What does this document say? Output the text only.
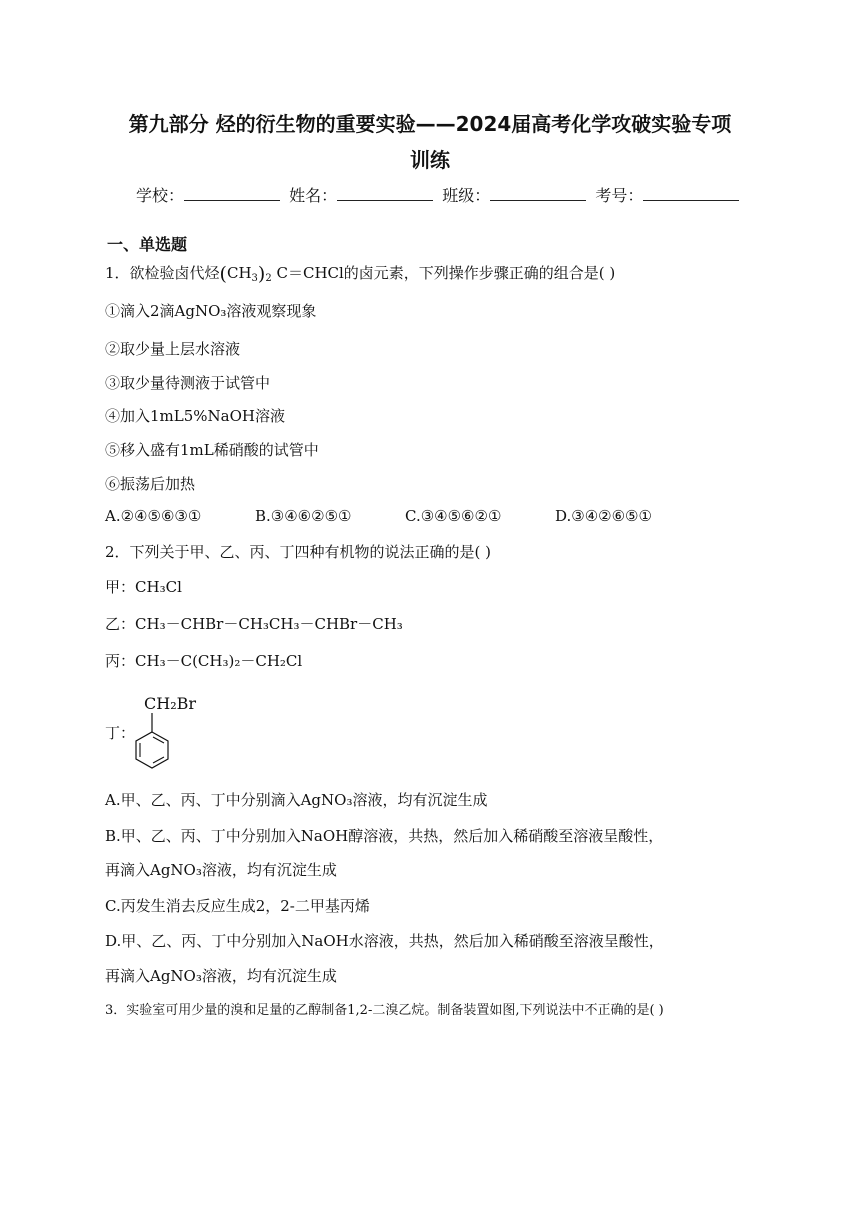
第九部分 烃的衍生物的重要实验——2024届高考化学攻破实验专项
训练
学校：	姓名：	班级：	考号：
一、单选题
1．欲检验卤代烃$(CH_3)_2$ C＝CHCl的卤元素，下列操作步骤正确的组合是( )
①滴入2滴AgNO₃溶液观察现象
②取少量上层水溶液
③取少量待测液于试管中
④加入1mL5%NaOH溶液
⑤移入盛有1mL稀硝酸的试管中
⑥振荡后加热
A.②④⑤⑥③①	B.③④⑥②⑤①	C.③④⑤⑥②①	D.③④②⑥⑤①
2．下列关于甲、乙、丙、丁四种有机物的说法正确的是( )
甲：CH₃Cl
乙：CH₃－CHBr－CH₃CH₃－CHBr－CH₃
丙：CH₃－C(CH₃)₂－CH₂Cl
丁：
CH₂Br
A.甲、乙、丙、丁中分别滴入AgNO₃溶液，均有沉淀生成
B.甲、乙、丙、丁中分别加入NaOH醇溶液，共热，然后加入稀硝酸至溶液呈酸性，
再滴入AgNO₃溶液，均有沉淀生成
C.丙发生消去反应生成2，2-二甲基丙烯
D.甲、乙、丙、丁中分别加入NaOH水溶液，共热，然后加入稀硝酸至溶液呈酸性，
再滴入AgNO₃溶液，均有沉淀生成
3．实验室可用少量的溴和足量的乙醇制备1,2-二溴乙烷。制备装置如图,下列说法中不正确的是( )
